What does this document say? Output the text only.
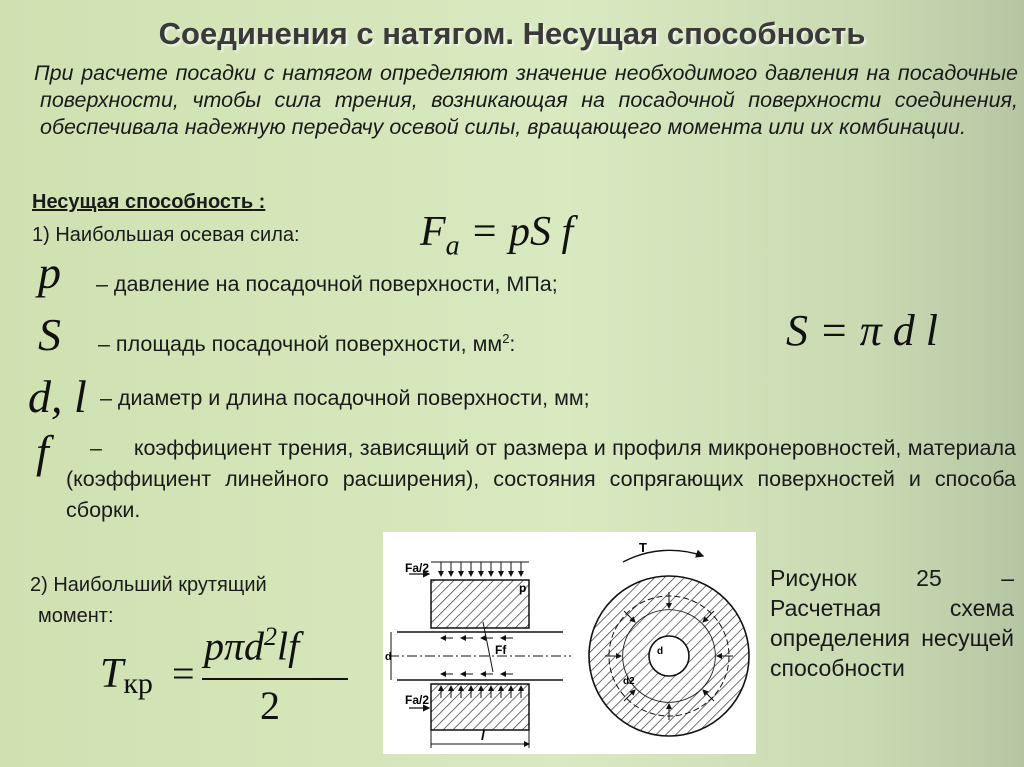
Соединения с натягом. Несущая способность
При расчете посадки с натягом определяют значение необходимого давления на посадочные поверхности, чтобы сила трения, возникающая на посадочной поверхности соединения, обеспечивала надежную передачу осевой силы, вращающего момента или их комбинации.
Несущая способность :
1) Наибольшая осевая сила:	$F_a$ = pS f
p – давление на посадочной поверхности, МПа;
S – площадь посадочной поверхности, $мм^2$:	S = π d l
d, l – диаметр и длина посадочной поверхности, мм;
f	– коэффициент трения, зависящий от размера и профиля микронеровностей, материала (коэффициент линейного расширения), состояния сопрягающих поверхностей и способа сборки.
2) Наибольший крутящий
момент:
Tкр =
pπd$^2$lf
2
Fa/2
Fa/2
p
d	Ff
l
T
d
d2
Рисунок 25 – Расчетная схема определения несущей способности
